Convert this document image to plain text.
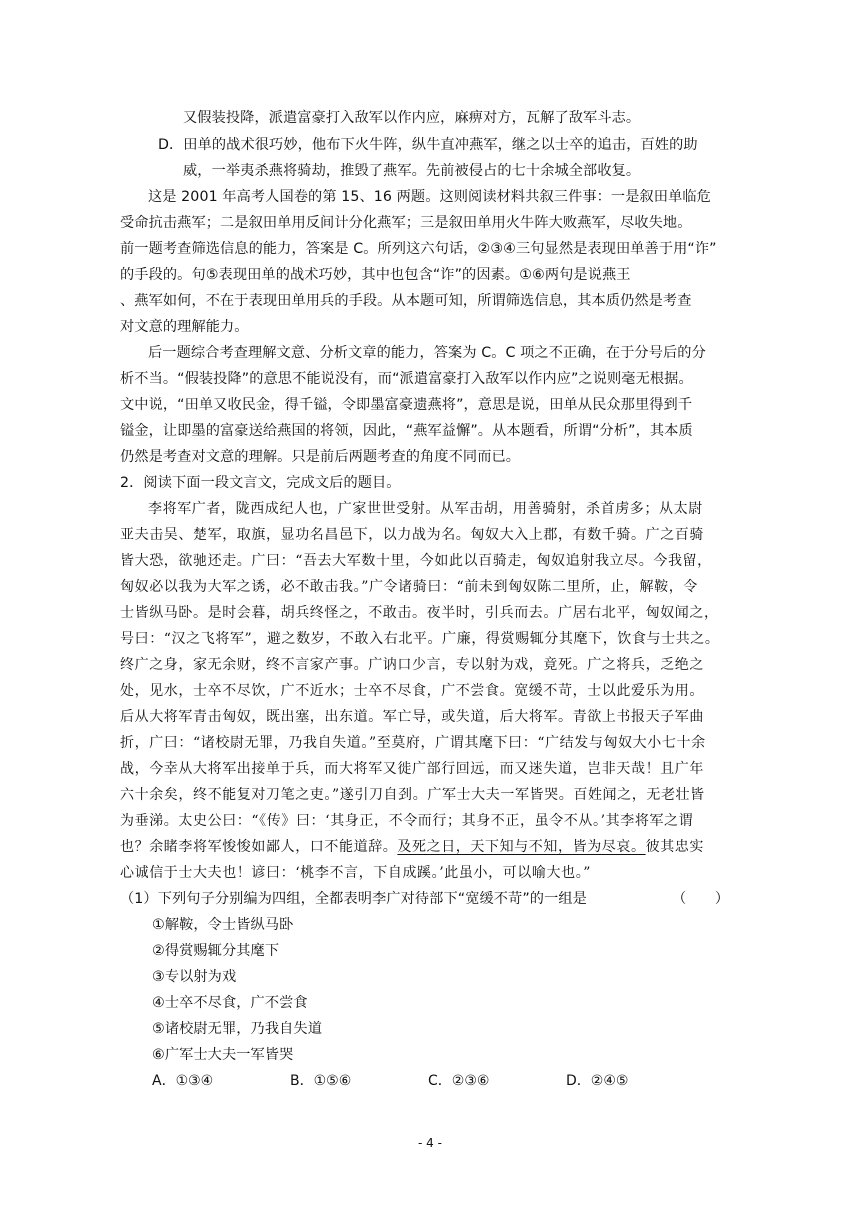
又假装投降，派遣富豪打入敌军以作内应，麻痹对方，瓦解了敌军斗志。
D．田单的战术很巧妙，他布下火牛阵，纵牛直冲燕军，继之以士卒的追击，百姓的助
威，一举夷杀燕将骑劫，推毁了燕军。先前被侵占的七十余城全部收复。
这是 2001 年高考人国卷的第 15、16 两题。这则阅读材料共叙三件事：一是叙田单临危
受命抗击燕军；二是叙田单用反间计分化燕军；三是叙田单用火牛阵大败燕军，尽收失地。
前一题考查筛选信息的能力，答案是 C。所列这六句话，②③④三句显然是表现田单善于用“诈”
的手段的。句⑤表现田单的战术巧妙，其中也包含“诈”的因素。①⑥两句是说燕王
、燕军如何，不在于表现田单用兵的手段。从本题可知，所谓筛选信息，其本质仍然是考查
对文意的理解能力。
后一题综合考查理解文意、分析文章的能力，答案为 C。C 项之不正确，在于分号后的分
析不当。“假装投降”的意思不能说没有，而“派遣富豪打入敌军以作内应”之说则毫无根据。
文中说，“田单又收民金，得千镒，令即墨富豪遗燕将”，意思是说，田单从民众那里得到千
镒金，让即墨的富豪送给燕国的将领，因此，“燕军益懈”。从本题看，所谓“分析”，其本质
仍然是考查对文意的理解。只是前后两题考查的角度不同而已。
2．阅读下面一段文言文，完成文后的题目。
李将军广者，陇西成纪人也，广家世世受射。从军击胡，用善骑射，杀首虏多；从太尉
亚夫击吴、楚军，取旗，显功名昌邑下，以力战为名。匈奴大入上郡，有数千骑。广之百骑
皆大恐，欲驰还走。广曰：“吾去大军数十里，今如此以百骑走，匈奴追射我立尽。今我留，
匈奴必以我为大军之诱，必不敢击我。”广令诸骑曰：“前未到匈奴陈二里所，止，解鞍，令
士皆纵马卧。是时会暮，胡兵终怪之，不敢击。夜半时，引兵而去。广居右北平，匈奴闻之，
号曰：“汉之飞将军”，避之数岁，不敢入右北平。广廉，得赏赐辄分其麾下，饮食与士共之。
终广之身，家无余财，终不言家产事。广讷口少言，专以射为戏，竟死。广之将兵，乏绝之
处，见水，士卒不尽饮，广不近水；士卒不尽食，广不尝食。宽缓不苛，士以此爱乐为用。
后从大将军青击匈奴，既出塞，出东道。军亡导，或失道，后大将军。青欲上书报天子军曲
折，广曰：“诸校尉无罪，乃我自失道。”至莫府，广谓其麾下曰：“广结发与匈奴大小七十余
战，今幸从大将军出接单于兵，而大将军又徙广部行回远，而又迷失道，岂非天哉！且广年
六十余矣，终不能复对刀笔之吏。”遂引刀自刭。广军士大夫一军皆哭。百姓闻之，无老壮皆
为垂涕。太史公曰：“《传》曰：‘其身正，不令而行；其身不正，虽令不从。’其李将军之谓
也？余睹李将军悛悛如鄙人，口不能道辞。及死之日，天下知与不知，皆为尽哀。彼其忠实
心诚信于士大夫也！谚曰：‘桃李不言，下自成蹊。’此虽小，可以喻大也。”
（1）下列句子分别编为四组，全都表明李广对待部下“宽缓不苛”的一组是	（　　）
①解鞍，令士皆纵马卧
②得赏赐辄分其麾下
③专以射为戏
④士卒不尽食，广不尝食
⑤诸校尉无罪，乃我自失道
⑥广军士大夫一军皆哭
A．①③④	B．①⑤⑥	C．②③⑥	D．②④⑤
- 4 -
